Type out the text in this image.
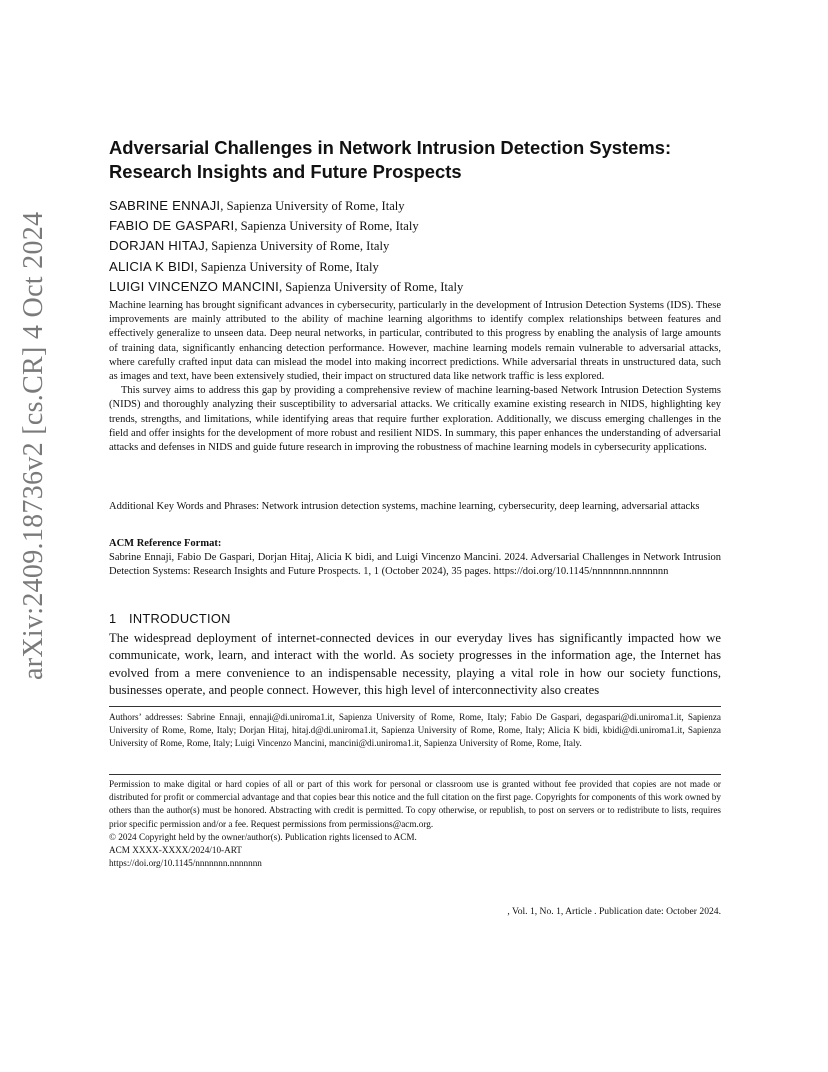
arXiv:2409.18736v2 [cs.CR] 4 Oct 2024
Adversarial Challenges in Network Intrusion Detection Systems:
Research Insights and Future Prospects
SABRINE ENNAJI, Sapienza University of Rome, Italy
FABIO DE GASPARI, Sapienza University of Rome, Italy
DORJAN HITAJ, Sapienza University of Rome, Italy
ALICIA K BIDI, Sapienza University of Rome, Italy
LUIGI VINCENZO MANCINI, Sapienza University of Rome, Italy

Machine learning has brought significant advances in cybersecurity, particularly in the development of Intrusion Detection Systems (IDS). These improvements are mainly attributed to the ability of machine learning algorithms to identify complex relationships between features and effectively generalize to unseen data. Deep neural networks, in particular, contributed to this progress by enabling the analysis of large amounts of training data, significantly enhancing detection performance. However, machine learning models remain vulnerable to adversarial attacks, where carefully crafted input data can mislead the model into making incorrect predictions. While adversarial threats in unstructured data, such as images and text, have been extensively studied, their impact on structured data like network traffic is less explored.

This survey aims to address this gap by providing a comprehensive review of machine learning-based Network Intrusion Detection Systems (NIDS) and thoroughly analyzing their susceptibility to adversarial attacks. We critically examine existing research in NIDS, highlighting key trends, strengths, and limitations, while identifying areas that require further exploration. Additionally, we discuss emerging challenges in the field and offer insights for the development of more robust and resilient NIDS. In summary, this paper enhances the understanding of adversarial attacks and defenses in NIDS and guide future research in improving the robustness of machine learning models in cybersecurity applications.

Additional Key Words and Phrases: Network intrusion detection systems, machine learning, cybersecurity, deep learning, adversarial attacks
ACM Reference Format:
Sabrine Ennaji, Fabio De Gaspari, Dorjan Hitaj, Alicia K bidi, and Luigi Vincenzo Mancini. 2024. Adversarial Challenges in Network Intrusion Detection Systems: Research Insights and Future Prospects. 1, 1 (October 2024), 35 pages. https://doi.org/10.1145/nnnnnnn.nnnnnnn
1 INTRODUCTION
The widespread deployment of internet-connected devices in our everyday lives has significantly impacted how we communicate, work, learn, and interact with the world. As society progresses in the information age, the Internet has evolved from a mere convenience to an indispensable necessity, playing a vital role in how our society functions, businesses operate, and people connect. However, this high level of interconnectivity also creates
Authors’ addresses: Sabrine Ennaji, ennaji@di.uniroma1.it, Sapienza University of Rome, Rome, Italy; Fabio De Gaspari, degaspari@di.uniroma1.it, Sapienza University of Rome, Rome, Italy; Dorjan Hitaj, hitaj.d@di.uniroma1.it, Sapienza University of Rome, Rome, Italy; Alicia K bidi, kbidi@di.uniroma1.it, Sapienza University of Rome, Rome, Italy; Luigi Vincenzo Mancini, mancini@di.uniroma1.it, Sapienza University of Rome, Rome, Italy.
Permission to make digital or hard copies of all or part of this work for personal or classroom use is granted without fee provided that copies are not made or distributed for profit or commercial advantage and that copies bear this notice and the full citation on the first page. Copyrights for components of this work owned by others than the author(s) must be honored. Abstracting with credit is permitted. To copy otherwise, or republish, to post on servers or to redistribute to lists, requires prior specific permission and/or a fee. Request permissions from permissions@acm.org.
© 2024 Copyright held by the owner/author(s). Publication rights licensed to ACM.
ACM XXXX-XXXX/2024/10-ART
https://doi.org/10.1145/nnnnnnn.nnnnnnn
, Vol. 1, No. 1, Article . Publication date: October 2024.
